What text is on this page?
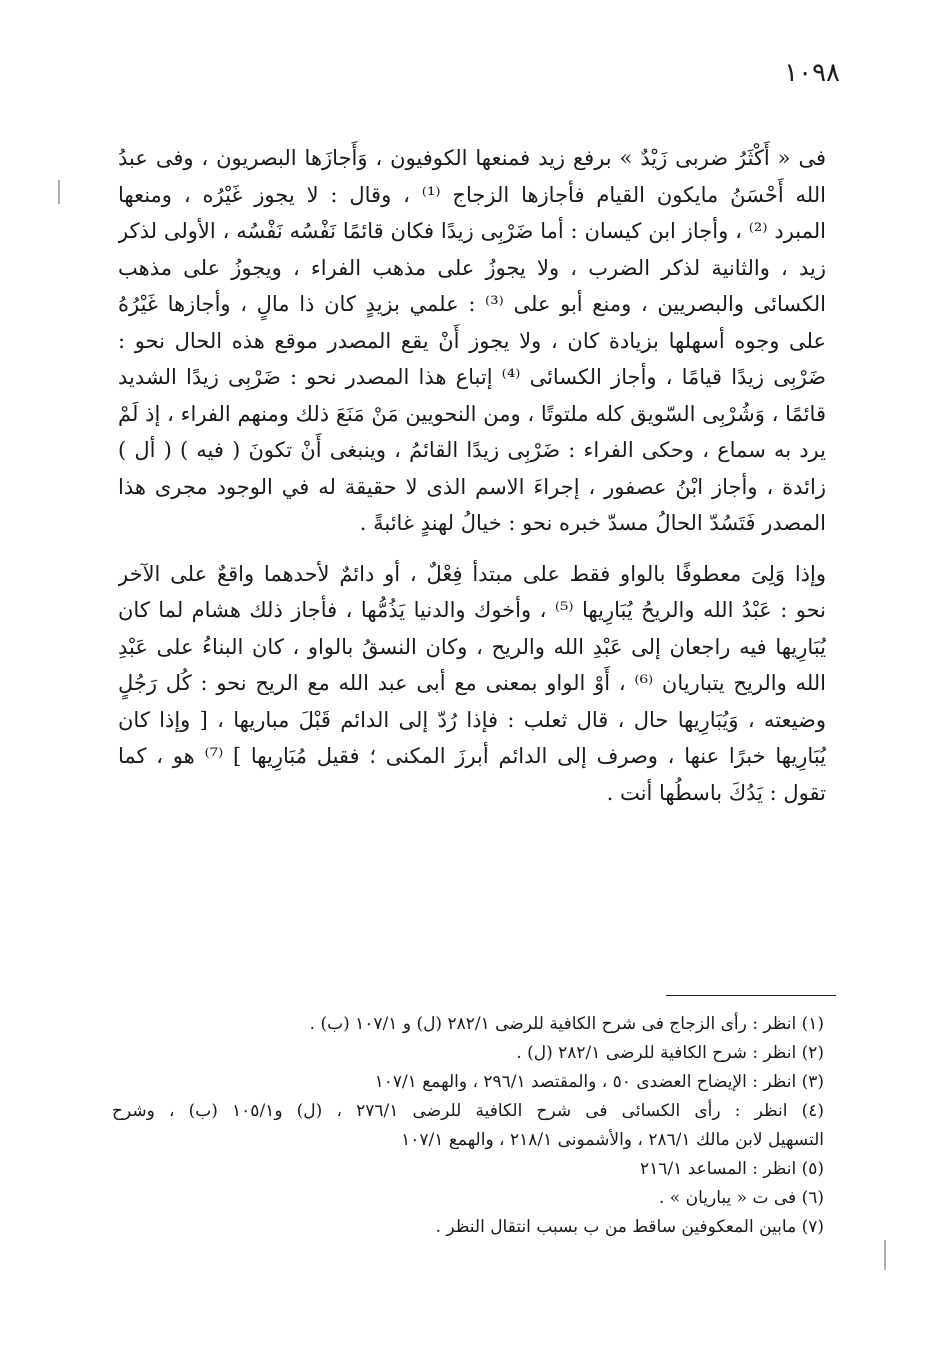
١٠٩٨

فى « أَكْثَرُ ضربى زَيْدٌ » برفع زيد فمنعها الكوفيون ، وَأَجازَها البصريون ، وفى عبدُ
الله أَحْسَنُ مايكون القيام فأجازها الزجاج ⁽¹⁾ ، وقال : لا يجوز غَيْرُه ، ومنعها
المبرد ⁽²⁾ ، وأجاز ابن كيسان : أما ضَرْبِى زيدًا فكان قائمًا نَفْسُه نَفْسُه ، الأولى لذكر
زيد ، والثانية لذكر الضرب ، ولا يجوزُ على مذهب الفراء ، ويجوزُ على مذهب
الكسائى والبصريين ، ومنع أبو على ⁽³⁾ : علمي بزيدٍ كان ذا مالٍ ، وأجازها غَيْرُهُ
على وجوه أسهلها بزيادة كان ، ولا يجوز أَنْ يقع المصدر موقع هذه الحال نحو :
ضَرْبِى زيدًا قيامًا ، وأجاز الكسائى ⁽⁴⁾ إتباع هذا المصدر نحو : ضَرْبِى زيدًا الشديد
قائمًا ، وَشُرْبِى السّويق كله ملتوتًا ، ومن النحويين مَنْ مَنَعَ ذلك ومنهم الفراء ، إذ لَمْ
يرد به سماع ، وحكى الفراء : ضَرْبِى زيدًا القائمُ ، وينبغى أَنْ تكونَ ( فيه ) ( أل )
زائدة ، وأجاز ابْنُ عصفور ، إجراءَ الاسم الذى لا حقيقة له في الوجود مجرى هذا
المصدر فَتَسُدّ الحالُ مسدّ خبره نحو : خيالُ لهندٍ غائبةً .

وإذا وَلِىَ معطوفًا بالواو فقط على مبتدأ فِعْلٌ ، أو دائمٌ لأحدهما واقعٌ على الآخر
نحو : عَبْدُ الله والريحُ يُبَارِيها ⁽⁵⁾ ، وأخوك والدنيا يَذُمُّها ، فأجاز ذلك هشام لما كان
يُبَارِيها فيه راجعان إلى عَبْدِ الله والريح ، وكان النسقُ بالواو ، كان البناءُ على عَبْدِ
الله والريح يتباريان ⁽⁶⁾ ، أَوْ الواو بمعنى مع أبى عبد الله مع الريح نحو : كُل رَجُلٍ
وضيعته ، وَيُبَارِيها حال ، قال ثعلب : فإذا رُدّ إلى الدائم قَبْلَ مباريها ، [ وإذا كان
يُبَارِيها خبرًا عنها ، وصرف إلى الدائم أبرزَ المكنى ؛ فقيل مُبَارِيها ] ⁽⁷⁾ هو ، كما
تقول : يَدُكَ باسطُها أنت .

(١) انظر : رأى الزجاج فى شرح الكافية للرضى ٢٨٢/١ (ل) و ١٠٧/١ (ب) .
(٢) انظر : شرح الكافية للرضى ٢٨٢/١ (ل) .
(٣) انظر : الإيضاح العضدى ٥٠ ، والمقتصد ٢٩٦/١ ، والهمع ١٠٧/١
(٤) انظر : رأى الكسائى فى شرح الكافية للرضى ٢٧٦/١ ، (ل) و١٠٥/١ (ب) ، وشرح
التسهيل لابن مالك ٢٨٦/١ ، والأشمونى ٢١٨/١ ، والهمع ١٠٧/١
(٥) انظر : المساعد ٢١٦/١
(٦) فى ت « يباريان » .
(٧) مابين المعكوفين ساقط من ب بسبب انتقال النظر .
